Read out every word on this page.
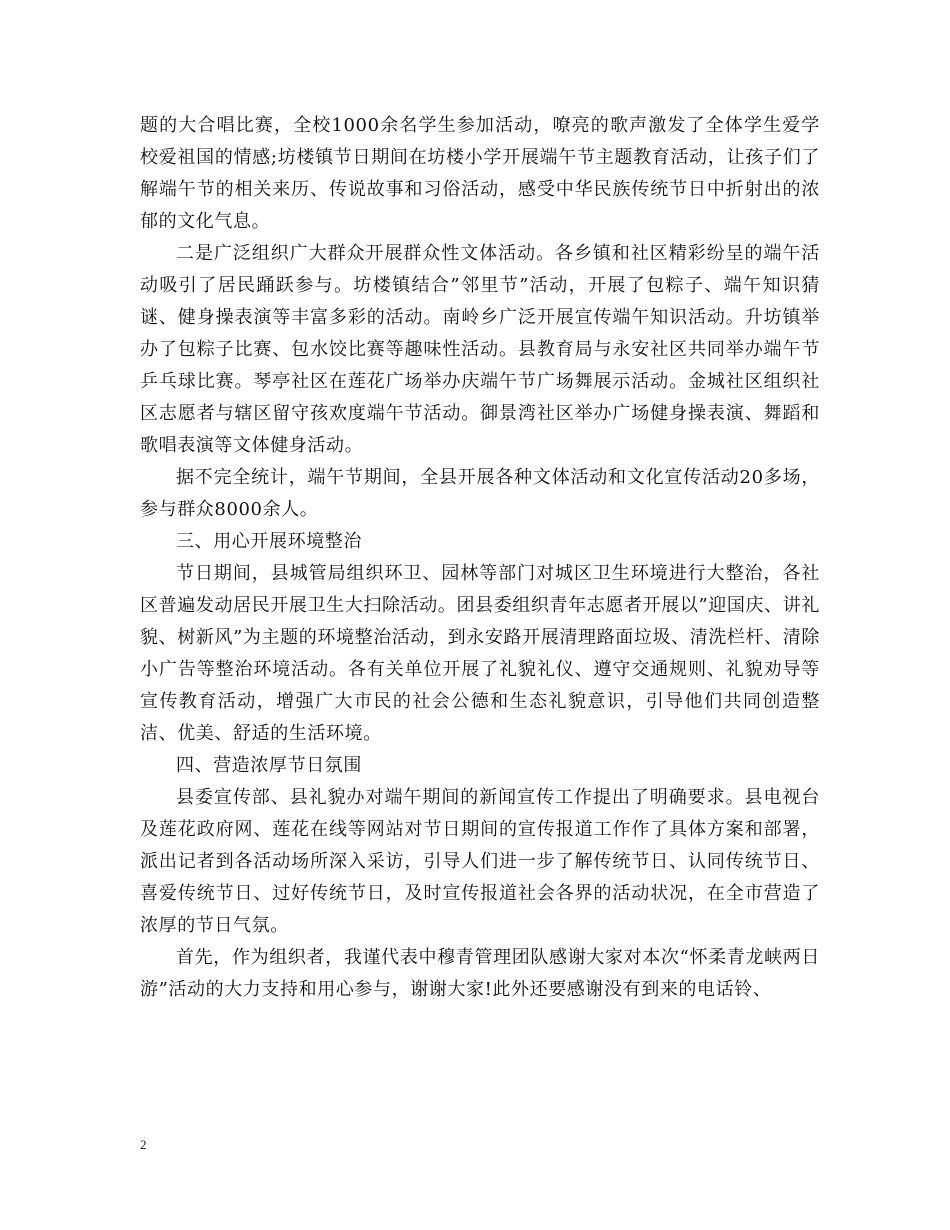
题的大合唱比赛，全校1000余名学生参加活动，嘹亮的歌声激发了全体学生爱学校爱祖国的情感;坊楼镇节日期间在坊楼小学开展端午节主题教育活动，让孩子们了解端午节的相关来历、传说故事和习俗活动，感受中华民族传统节日中折射出的浓郁的文化气息。

二是广泛组织广大群众开展群众性文体活动。各乡镇和社区精彩纷呈的端午活动吸引了居民踊跃参与。坊楼镇结合”邻里节”活动，开展了包粽子、端午知识猜谜、健身操表演等丰富多彩的活动。南岭乡广泛开展宣传端午知识活动。升坊镇举办了包粽子比赛、包水饺比赛等趣味性活动。县教育局与永安社区共同举办端午节乒乓球比赛。琴亭社区在莲花广场举办庆端午节广场舞展示活动。金城社区组织社区志愿者与辖区留守孩欢度端午节活动。御景湾社区举办广场健身操表演、舞蹈和歌唱表演等文体健身活动。

据不完全统计，端午节期间，全县开展各种文体活动和文化宣传活动20多场，参与群众8000余人。

三、用心开展环境整治

节日期间，县城管局组织环卫、园林等部门对城区卫生环境进行大整治，各社区普遍发动居民开展卫生大扫除活动。团县委组织青年志愿者开展以”迎国庆、讲礼貌、树新风”为主题的环境整治活动，到永安路开展清理路面垃圾、清洗栏杆、清除小广告等整治环境活动。各有关单位开展了礼貌礼仪、遵守交通规则、礼貌劝导等宣传教育活动，增强广大市民的社会公德和生态礼貌意识，引导他们共同创造整洁、优美、舒适的生活环境。

四、营造浓厚节日氛围

县委宣传部、县礼貌办对端午期间的新闻宣传工作提出了明确要求。县电视台及莲花政府网、莲花在线等网站对节日期间的宣传报道工作作了具体方案和部署，派出记者到各活动场所深入采访，引导人们进一步了解传统节日、认同传统节日、喜爱传统节日、过好传统节日，及时宣传报道社会各界的活动状况，在全市营造了浓厚的节日气氛。

首先，作为组织者，我谨代表中穆青管理团队感谢大家对本次“怀柔青龙峡两日游”活动的大力支持和用心参与，谢谢大家!此外还要感谢没有到来的电话铃、

2
